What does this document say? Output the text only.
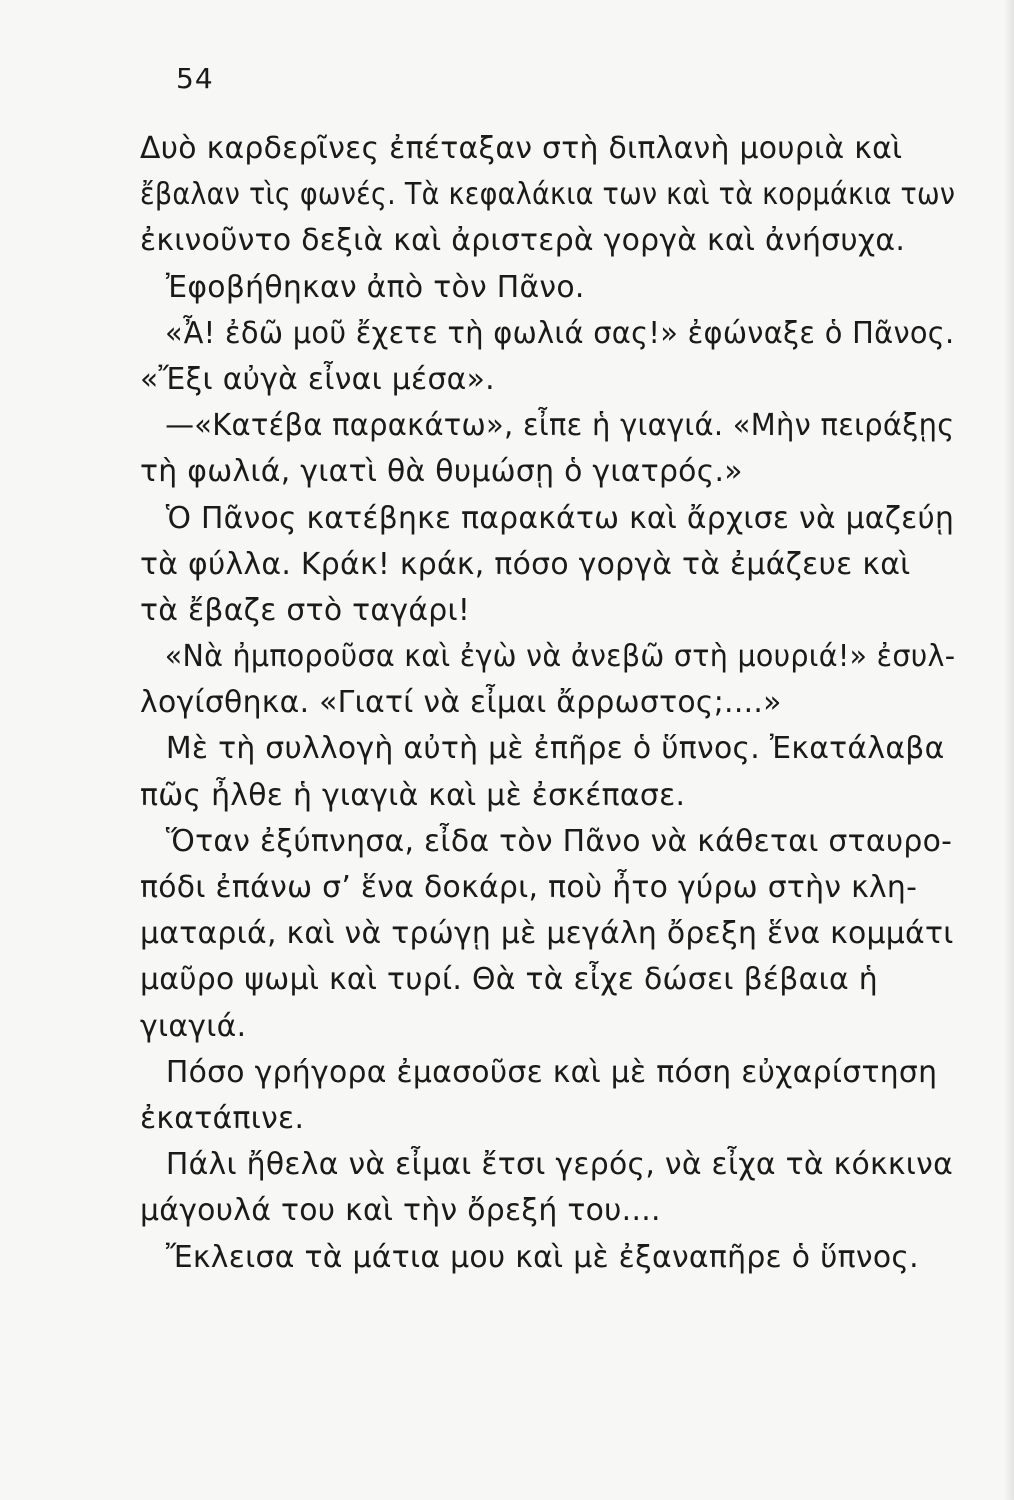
54
Δυὸ καρδερῖνες ἐπέταξαν στὴ διπλανὴ μουριὰ καὶ
ἔβαλαν τὶς φωνές. Τὰ κεφαλάκια των καὶ τὰ κορμάκια των
ἐκινοῦντο δεξιὰ καὶ ἀριστερὰ γοργὰ καὶ ἀνήσυχα.
Ἐφοβήθηκαν ἀπὸ τὸν Πᾶνο.
«Ἆ! ἐδῶ μοῦ ἔχετε τὴ φωλιά σας!» ἐφώναξε ὁ Πᾶνος.
«Ἔξι αὐγὰ εἶναι μέσα».
—«Κατέβα παρακάτω», εἶπε ἡ γιαγιά. «Μὴν πειράξῃς
τὴ φωλιά, γιατὶ θὰ θυμώσῃ ὁ γιατρός.»
Ὁ Πᾶνος κατέβηκε παρακάτω καὶ ἄρχισε νὰ μαζεύῃ
τὰ φύλλα. Κράκ! κράκ, πόσο γοργὰ τὰ ἐμάζευε καὶ
τὰ ἔβαζε στὸ ταγάρι!
«Νὰ ἠμποροῦσα καὶ ἐγὼ νὰ ἀνεβῶ στὴ μουριά!» ἐσυλ-
λογίσθηκα. «Γιατί νὰ εἶμαι ἄρρωστος;....»
Μὲ τὴ συλλογὴ αὐτὴ μὲ ἐπῆρε ὁ ὕπνος. Ἐκατάλαβα
πῶς ἦλθε ἡ γιαγιὰ καὶ μὲ ἐσκέπασε.
Ὅταν ἐξύπνησα, εἶδα τὸν Πᾶνο νὰ κάθεται σταυρο-
πόδι ἐπάνω σ’ ἕνα δοκάρι, ποὺ ἦτο γύρω στὴν κλη-
ματαριά, καὶ νὰ τρώγῃ μὲ μεγάλη ὄρεξη ἕνα κομμάτι
μαῦρο ψωμὶ καὶ τυρί. Θὰ τὰ εἶχε δώσει βέβαια ἡ
γιαγιά.
Πόσο γρήγορα ἐμασοῦσε καὶ μὲ πόση εὐχαρίστηση
ἐκατάπινε.
Πάλι ἤθελα νὰ εἶμαι ἔτσι γερός, νὰ εἶχα τὰ κόκκινα
μάγουλά του καὶ τὴν ὄρεξή του....
Ἔκλεισα τὰ μάτια μου καὶ μὲ ἐξαναπῆρε ὁ ὕπνος.
